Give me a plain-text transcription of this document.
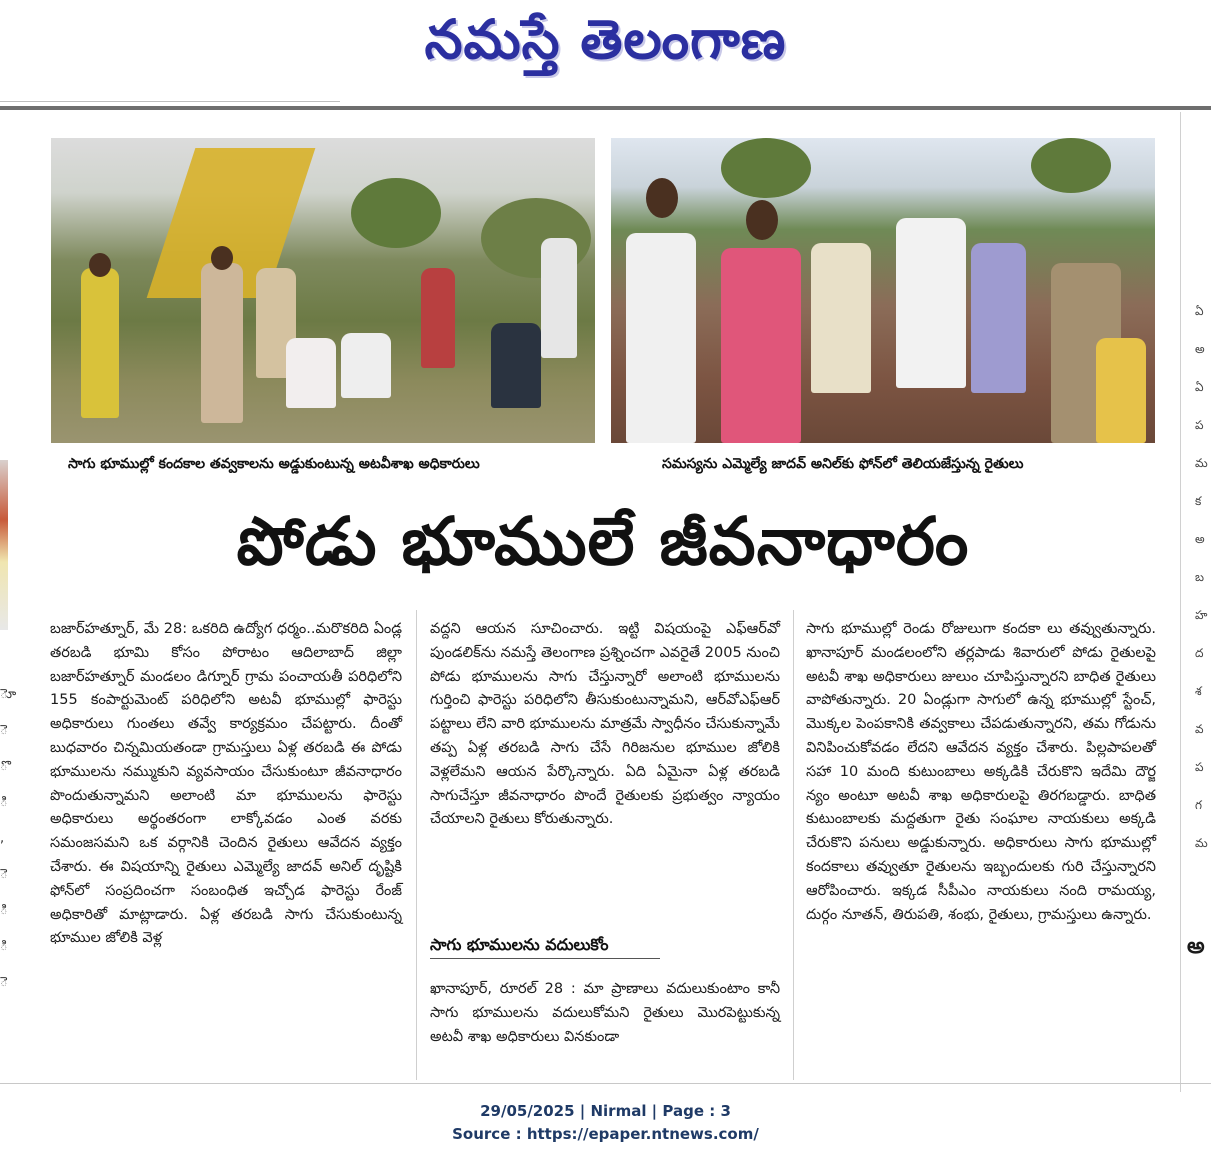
నమస్తే తెలంగాణ
ెూ ె ొ ి , ె ి ి ె
ఏ అ ఏ ప మ క అ బ హ ద శ వ ప గ మ
అ
సాగు భూముల్లో కందకాల తవ్వకాలను అడ్డుకుంటున్న అటవీశాఖ అధికారులు	సమస్యను ఎమ్మెల్యే జాదవ్ అనిల్‌కు ఫోన్‌లో తెలియజేస్తున్న రైతులు
పోడు భూములే జీవనాధారం

బజార్‌హత్నూర్, మే 28: ఒకరిది ఉద్యోగ ధర్మం..మరొకరిది ఏండ్ల తరబడి భూమి కోసం పోరాటం ఆదిలాబాద్ జిల్లా బజార్‌హత్నూర్ మండలం డిగ్నూర్ గ్రామ పంచాయతీ పరిధిలోని 155 కంపార్టుమెంట్ పరిధిలోని అటవీ భూముల్లో ఫారెస్టు అధికారులు గుంతలు తవ్వే కార్యక్రమం చేపట్టారు. దీంతో బుధవారం చిన్నమియతండా గ్రామస్తులు ఏళ్ల తరబడి ఈ పోడు భూములను నమ్ముకుని వ్యవసాయం చేసుకుంటూ జీవనాధారం పొందుతున్నామని అలాంటి మా భూములను ఫారెస్టు అధికారులు అర్థంతరంగా లాక్కోవడం ఎంత వరకు సమంజసమని ఒక వర్గానికి చెందిన రైతులు ఆవేదన వ్యక్తం చేశారు. ఈ విషయాన్ని రైతులు ఎమ్మెల్యే జాదవ్ అనిల్ దృష్టికి ఫోన్‌లో సంప్రదించగా సంబంధిత ఇచ్చోడ ఫారెస్టు రేంజ్ అధికారితో మాట్లాడారు. ఏళ్ల తరబడి సాగు చేసుకుంటున్న భూముల జోలికి వెళ్ల

వద్దని ఆయన సూచించారు. ఇట్టి విషయంపై ఎఫ్‌ఆర్‌వో పుండలిక్‌ను నమస్తే తెలంగాణ ప్రశ్నించగా ఎవరైతే 2005 నుంచి పోడు భూములను సాగు చేస్తున్నారో అలాంటి భూములను గుర్తించి ఫారెస్టు పరిధిలోని తీసుకుంటున్నామని, ఆర్‌వోఎఫ్‌ఆర్ పట్టాలు లేని వారి భూములను మాత్రమే స్వాధీనం చేసుకున్నామే తప్ప ఏళ్ల తరబడి సాగు చేసే గిరిజనుల భూముల జోలికి వెళ్లలేమని ఆయన పేర్కొన్నారు. ఏది ఏమైనా ఏళ్ల తరబడి సాగుచేస్తూ జీవనాధారం పొందే రైతులకు ప్రభుత్వం న్యాయం చేయాలని రైతులు కోరుతున్నారు.

సాగు భూములను వదులుకోం

ఖానాపూర్, రూరల్ 28 : మా ప్రాణాలు వదులుకుంటాం కానీ సాగు భూములను వదులుకోమని రైతులు మొరపెట్టుకున్న అటవీ శాఖ అధికారులు వినకుండా

సాగు భూముల్లో రెండు రోజులుగా కందకా లు తవ్వుతున్నారు. ఖానాపూర్ మండలంలోని తర్లపాడు శివారులో పోడు రైతులపై అటవీ శాఖ అధికారులు జులుం చూపిస్తున్నారని బాధిత రైతులు వాపోతున్నారు. 20 ఏండ్లుగా సాగులో ఉన్న భూముల్లో స్టేంచ్, మొక్కల పెంపకానికి తవ్వకాలు చేపడుతున్నారని, తమ గోడును వినిపించుకోవడం లేదని ఆవేదన వ్యక్తం చేశారు. పిల్లపాపలతో సహా 10 మంది కుటుంబాలు అక్కడికి చేరుకొని ఇదేమి దౌర్జ న్యం అంటూ అటవీ శాఖ అధికారులపై తిరగబడ్డారు. బాధిత కుటుంబాలకు మద్దతుగా రైతు సంఘాల నాయకులు అక్కడి చేరుకొని పనులు అడ్డుకున్నారు. అధికారులు సాగు భూముల్లో కందకాలు తవ్వుతూ రైతులను ఇబ్బందులకు గురి చేస్తున్నారని ఆరోపించారు. ఇక్కడ సీపీఎం నాయకులు నంది రామయ్య, దుర్గం నూతన్, తిరుపతి, శంభు, రైతులు, గ్రామస్తులు ఉన్నారు.

29/05/2025 | Nirmal | Page : 3
Source : https://epaper.ntnews.com/
